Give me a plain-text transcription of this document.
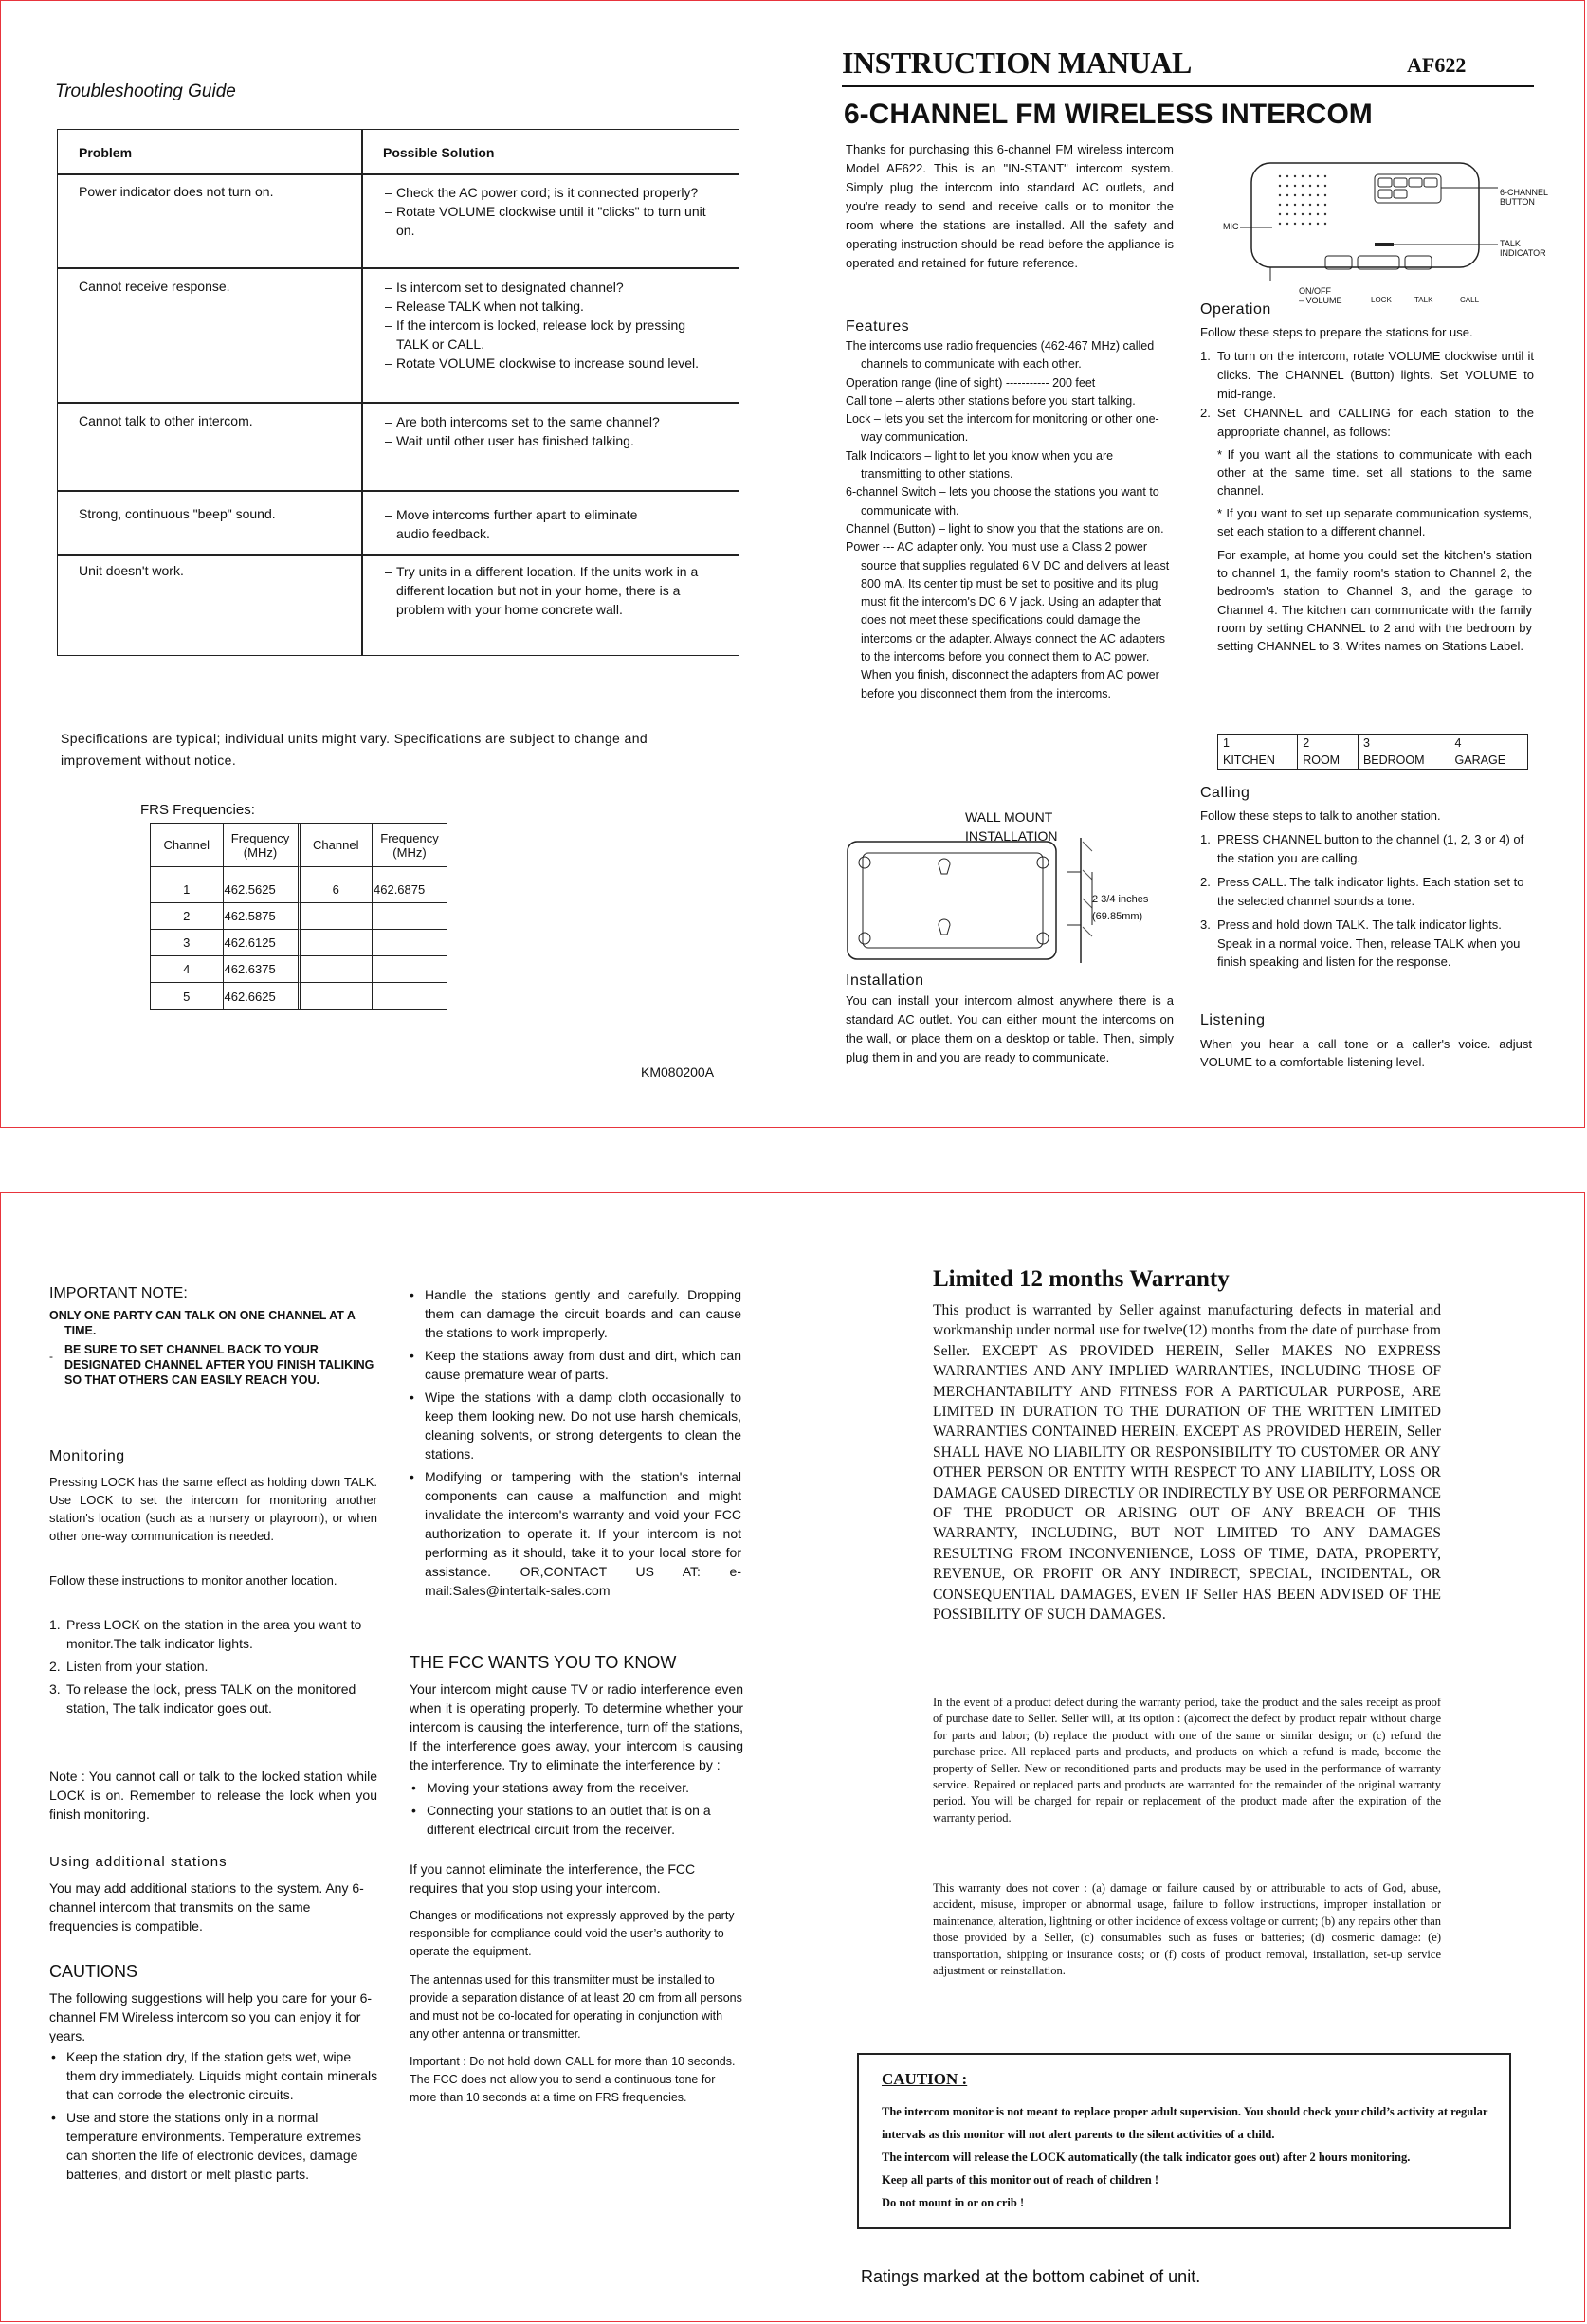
Troubleshooting Guide
Problem	Possible Solution
Power indicator does not turn on.	– Check the AC power cord; is it connected properly?
– Rotate VOLUME clockwise until it "clicks" to turn unit on.
Cannot receive response.	– Is intercom set to designated channel?
– Release TALK when not talking.
– If the intercom is locked, release lock by pressing TALK or CALL.
– Rotate VOLUME clockwise to increase sound level.
Cannot talk to other intercom.	– Are both intercoms set to the same channel?
– Wait until other user has finished talking.
Strong, continuous "beep" sound.	– Move intercoms further apart to eliminate audio feedback.
Unit doesn't work.	– Try units in a different location. If the units work in a different location but not in your home, there is a problem with your home concrete wall.
Specifications are typical; individual units might vary. Specifications are subject to change and improvement without notice.
FRS Frequencies:
Channel	Frequency (MHz)	Channel	Frequency (MHz)

1	462.5625	6	462.6875
2	462.5875		
3	462.6125		
4	462.6375		
5	462.6625		
KM080200A
INSTRUCTION MANUAL	AF622
6-CHANNEL FM WIRELESS INTERCOM
Thanks for purchasing this 6-channel FM wireless intercom Model AF622. This is an "IN-STANT" intercom system. Simply plug the intercom into standard AC outlets, and you're ready to send and receive calls or to monitor the room where the stations are installed. All the safety and operating instruction should be read before the appliance is operated and retained for future reference.
Features

The intercoms use radio frequencies (462-467 MHz) called channels to communicate with each other.

Operation range (line of sight) ----------- 200 feet

Call tone – alerts other stations before you start talking.

Lock – lets you set the intercom for monitoring or other one-way communication.

Talk Indicators – light to let you know when you are transmitting to other stations.

6-channel Switch – lets you choose the stations you want to communicate with.

Channel (Button) – light to show you that the stations are on.

Power --- AC adapter only. You must use a Class 2 power source that supplies regulated 6 V DC and delivers at least 800 mA. Its center tip must be set to positive and its plug must fit the intercom's DC 6 V jack. Using an adapter that does not meet these specifications could damage the intercoms or the adapter. Always connect the AC adapters to the intercoms before you connect them to AC power. When you finish, disconnect the adapters from AC power before you disconnect them from the intercoms.

WALL MOUNT
INSTALLATION
2 3/4 inches
(69.85mm)
Installation
You can install your intercom almost anywhere there is a standard AC outlet. You can either mount the intercoms on the wall, or place them on a desktop or table. Then, simply plug them in and you are ready to communicate.
MIC
6-CHANNEL
BUTTON
TALK
INDICATOR
ON/OFF
– VOLUME	LOCK	TALK	CALL
Operation
Follow these steps to prepare the stations for use.
1. To turn on the intercom, rotate VOLUME clockwise until it clicks. The CHANNEL (Button) lights. Set VOLUME to mid-range.
2. Set CHANNEL and CALLING for each station to the appropriate channel, as follows:

* If you want all the stations to communicate with each other at the same time. set all stations to the same channel.

* If you want to set up separate communication systems, set each station to a different channel.

For example, at home you could set the kitchen's station to channel 1, the family room's station to Channel 2, the bedroom's station to Channel 3, and the garage to Channel 4. The kitchen can communicate with the family room by setting CHANNEL to 2 and with the bedroom by setting CHANNEL to 3. Writes names on Stations Label.

1	2	3	4
KITCHEN	ROOM	BEDROOM	GARAGE
Calling
Follow these steps to talk to another station.
1. PRESS CHANNEL button to the channel (1, 2, 3 or 4) of the station you are calling.
2. Press CALL. The talk indicator lights. Each station set to the selected channel sounds a tone.
3. Press and hold down TALK. The talk indicator lights. Speak in a normal voice. Then, release TALK when you finish speaking and listen for the response.
Listening
When you hear a call tone or a caller's voice. adjust VOLUME to a comfortable listening level.
IMPORTANT NOTE:

ONLY ONE PARTY CAN TALK ON ONE CHANNEL AT A TIME.

BE SURE TO SET CHANNEL BACK TO YOUR DESIGNATED CHANNEL AFTER YOU FINISH TALIKING SO THAT OTHERS CAN EASILY REACH YOU.

-
Monitoring
Pressing LOCK has the same effect as holding down TALK. Use LOCK to set the intercom for monitoring another station's location (such as a nursery or playroom), or when other one-way communication is needed.
Follow these instructions to monitor another location.
1. Press LOCK on the station in the area you want to monitor.The talk indicator lights.
2. Listen from your station.
3. To release the lock, press TALK on the monitored station, The talk indicator goes out.
Note : You cannot call or talk to the locked station while LOCK is on. Remember to release the lock when you finish monitoring.
Using additional stations
You may add additional stations to the system. Any 6-channel intercom that transmits on the same frequencies is compatible.
CAUTIONS
The following suggestions will help you care for your 6-channel FM Wireless intercom so you can enjoy it for years.
• Keep the station dry, If the station gets wet, wipe them dry immediately. Liquids might contain minerals that can corrode the electronic circuits.
• Use and store the stations only in a normal temperature environments. Temperature extremes can shorten the life of electronic devices, damage batteries, and distort or melt plastic parts.
• Handle the stations gently and carefully. Dropping them can damage the circuit boards and can cause the stations to work improperly.
• Keep the stations away from dust and dirt, which can cause premature wear of parts.
• Wipe the stations with a damp cloth occasionally to keep them looking new. Do not use harsh chemicals, cleaning solvents, or strong detergents to clean the stations.
• Modifying or tampering with the station's internal components can cause a malfunction and might invalidate the intercom's warranty and void your FCC authorization to operate it. If your intercom is not performing as it should, take it to your local store for assistance. OR,CONTACT US AT: e-mail:Sales@intertalk-sales.com
THE FCC WANTS YOU TO KNOW
Your intercom might cause TV or radio interference even when it is operating properly. To determine whether your intercom is causing the interference, turn off the stations, If the interference goes away, your intercom is causing the interference. Try to eliminate the interference by :
• Moving your stations away from the receiver.
• Connecting your stations to an outlet that is on a different electrical circuit from the receiver.
If you cannot eliminate the interference, the FCC requires that you stop using your intercom.
Changes or modifications not expressly approved by the party responsible for compliance could void the user’s authority to operate the equipment.
The antennas used for this transmitter must be installed to provide a separation distance of at least 20 cm from all persons and must not be co-located for operating in conjunction with any other antenna or transmitter.
Important : Do not hold down CALL for more than 10 seconds. The FCC does not allow you to send a continuous tone for more than 10 seconds at a time on FRS frequencies.
Limited 12 months Warranty
This product is warranted by Seller against manufacturing defects in material and workmanship under normal use for twelve(12) months from the date of purchase from Seller. EXCEPT AS PROVIDED HEREIN, Seller MAKES NO EXPRESS WARRANTIES AND ANY IMPLIED WARRANTIES, INCLUDING THOSE OF MERCHANTABILITY AND FITNESS FOR A PARTICULAR PURPOSE, ARE LIMITED IN DURATION TO THE DURATION OF THE WRITTEN LIMITED WARRANTIES CONTAINED HEREIN. EXCEPT AS PROVIDED HEREIN, Seller SHALL HAVE NO LIABILITY OR RESPONSIBILITY TO CUSTOMER OR ANY OTHER PERSON OR ENTITY WITH RESPECT TO ANY LIABILITY, LOSS OR DAMAGE CAUSED DIRECTLY OR INDIRECTLY BY USE OR PERFORMANCE OF THE PRODUCT OR ARISING OUT OF ANY BREACH OF THIS WARRANTY, INCLUDING, BUT NOT LIMITED TO ANY DAMAGES RESULTING FROM INCONVENIENCE, LOSS OF TIME, DATA, PROPERTY, REVENUE, OR PROFIT OR ANY INDIRECT, SPECIAL, INCIDENTAL, OR CONSEQUENTIAL DAMAGES, EVEN IF Seller HAS BEEN ADVISED OF THE POSSIBILITY OF SUCH DAMAGES.
In the event of a product defect during the warranty period, take the product and the sales receipt as proof of purchase date to Seller. Seller will, at its option : (a)correct the defect by product repair without charge for parts and labor; (b) replace the product with one of the same or similar design; or (c) refund the purchase price. All replaced parts and products, and products on which a refund is made, become the property of Seller. New or reconditioned parts and products may be used in the performance of warranty service. Repaired or replaced parts and products are warranted for the remainder of the original warranty period. You will be charged for repair or replacement of the product made after the expiration of the warranty period.
This warranty does not cover : (a) damage or failure caused by or attributable to acts of God, abuse, accident, misuse, improper or abnormal usage, failure to follow instructions, improper installation or maintenance, alteration, lightning or other incidence of excess voltage or current; (b) any repairs other than those provided by a Seller, (c) consumables such as fuses or batteries; (d) cosmeric damage: (e) transportation, shipping or insurance costs; or (f) costs of product removal, installation, set-up service adjustment or reinstallation.
CAUTION :

The intercom monitor is not meant to replace proper adult supervision. You should check your child’s activity at regular intervals as this monitor will not alert parents to the silent activities of a child.

The intercom will release the LOCK automatically (the talk indicator goes out) after 2 hours monitoring.

Keep all parts of this monitor out of reach of children !

Do not mount in or on crib !

Ratings marked at the bottom cabinet of unit.
